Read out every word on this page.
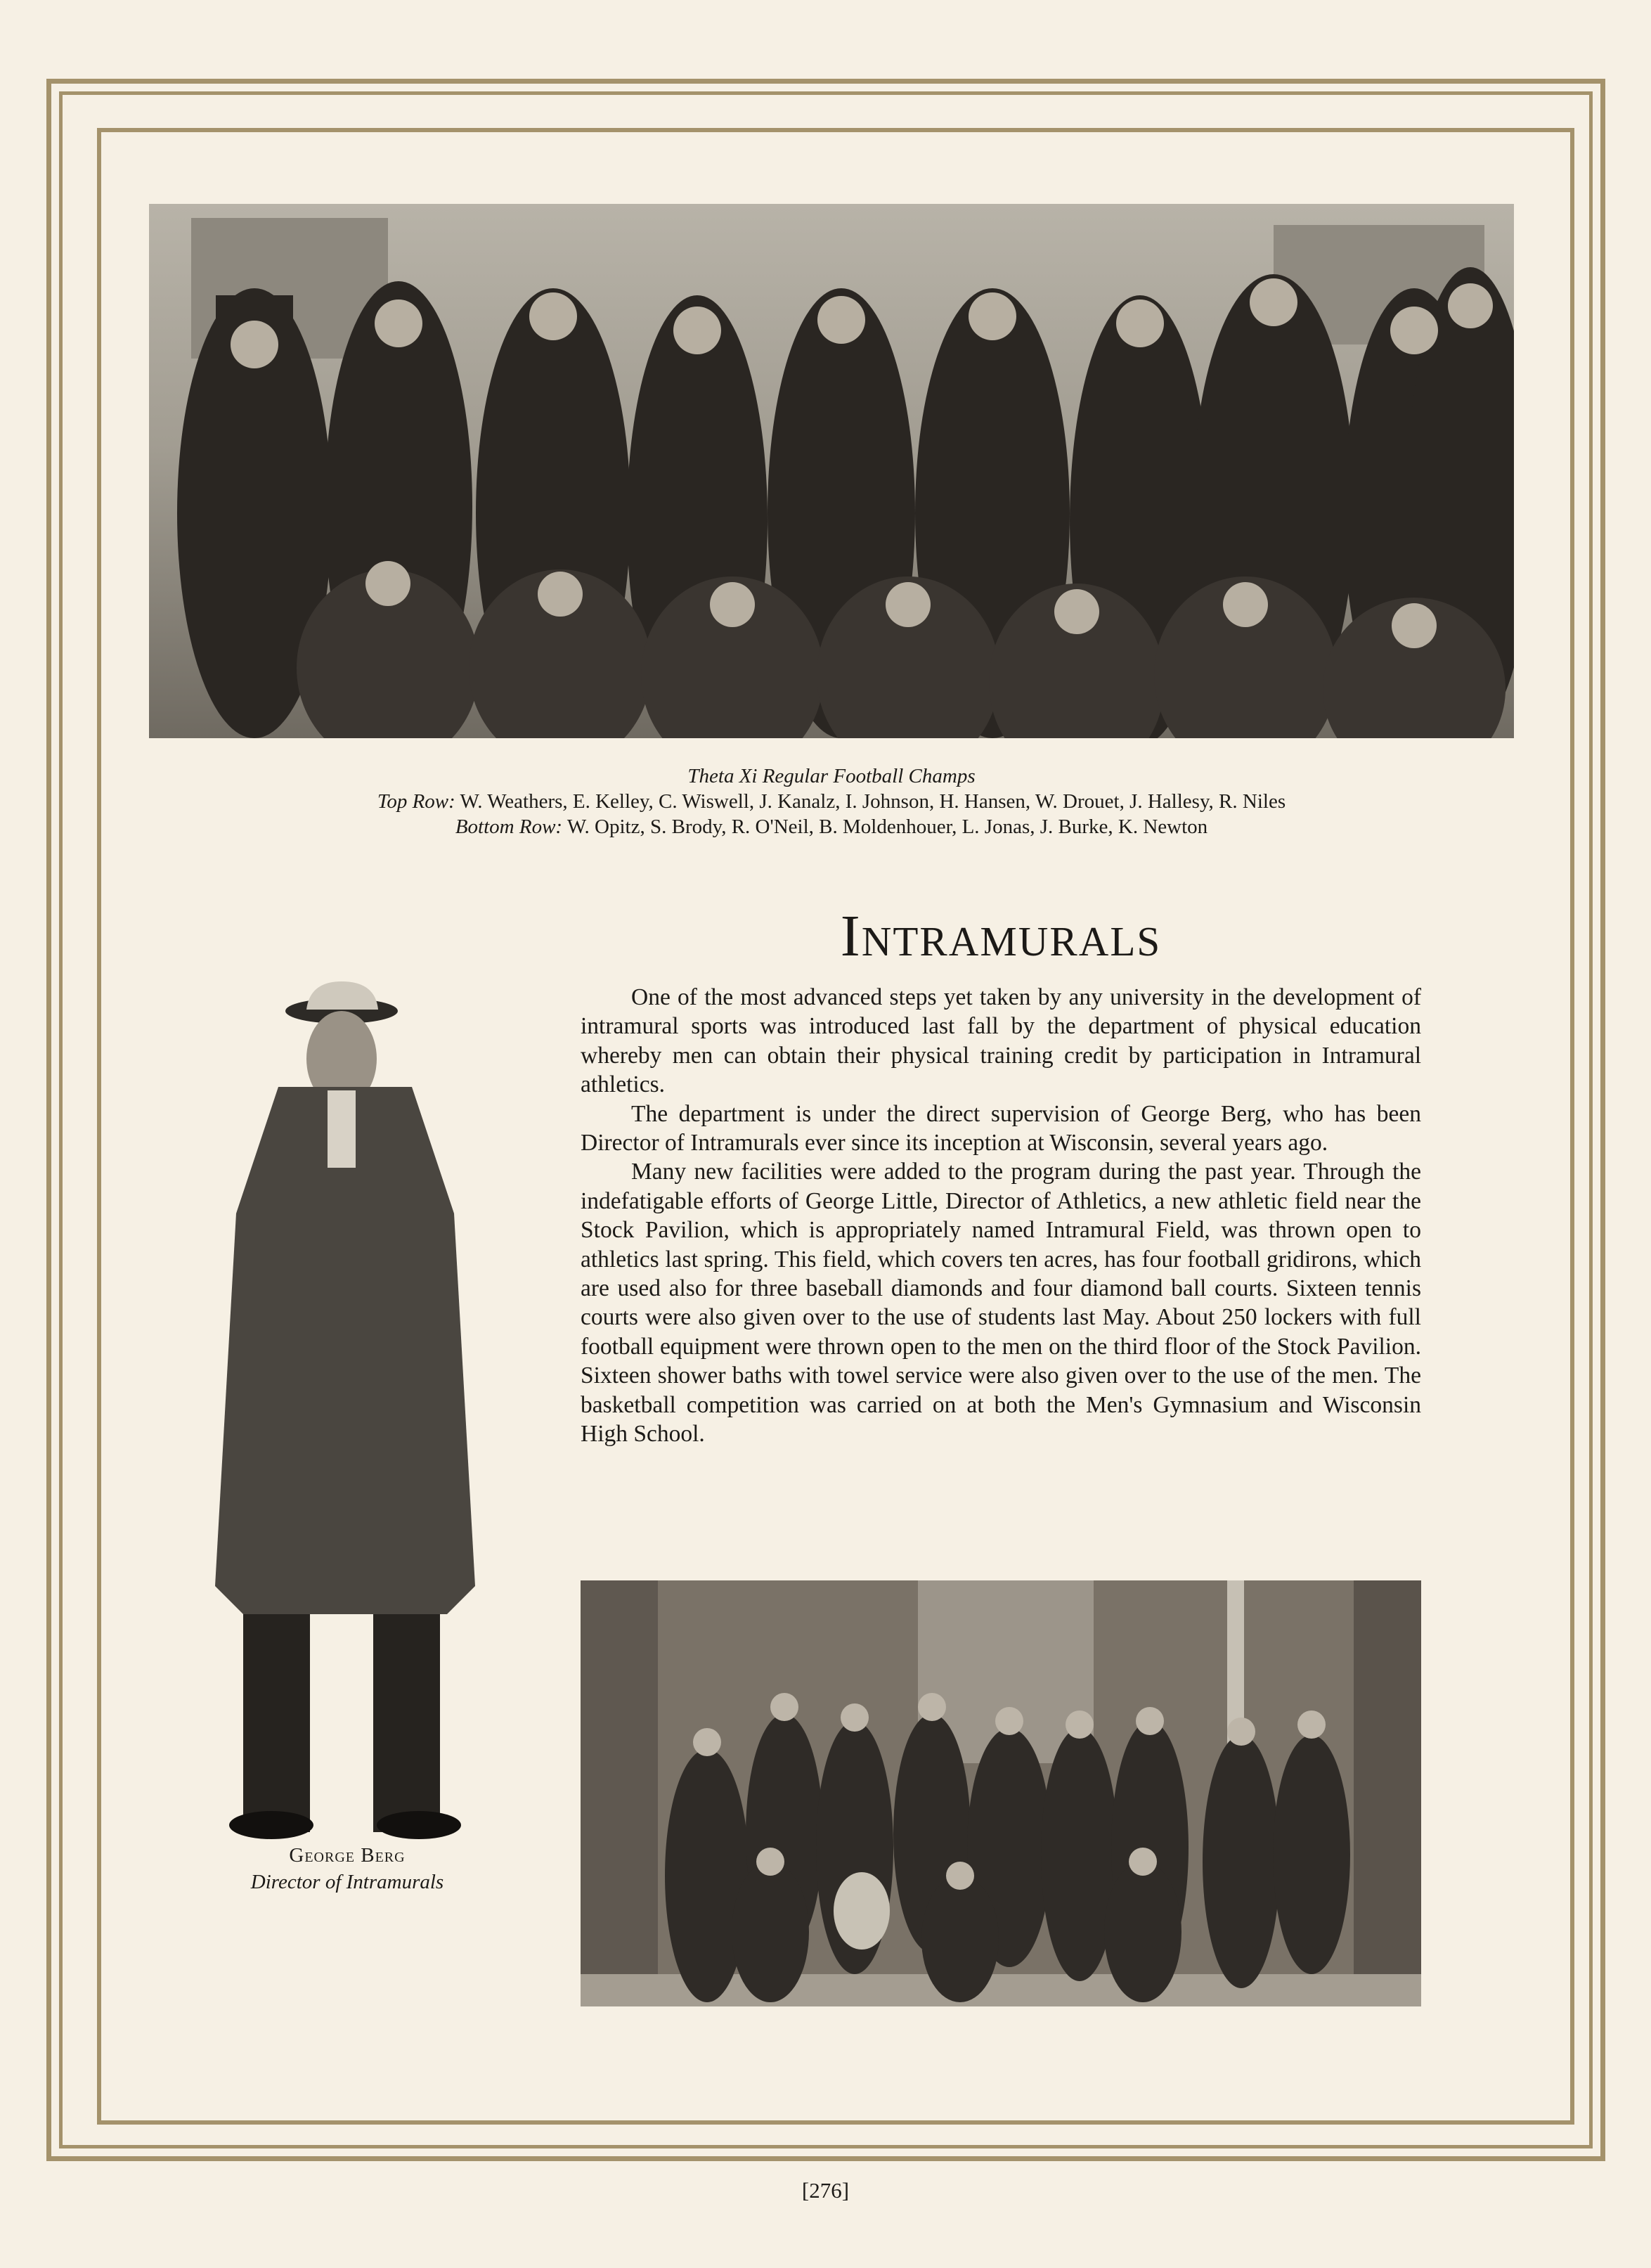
Theta Xi Regular Football Champs
Top Row: W. Weathers, E. Kelley, C. Wiswell, J. Kanalz, I. Johnson, H. Hansen, W. Drouet, J. Hallesy, R. Niles
Bottom Row: W. Opitz, S. Brody, R. O'Neil, B. Moldenhouer, L. Jonas, J. Burke, K. Newton
Intramurals

One of the most advanced steps yet taken by any university in the development of intramural sports was introduced last fall by the department of physical education whereby men can obtain their physical training credit by participation in Intramural athletics.

The department is under the direct supervision of George Berg, who has been Director of Intramurals ever since its inception at Wisconsin, several years ago.

Many new facilities were added to the program during the past year. Through the indefatigable efforts of George Little, Director of Athletics, a new athletic field near the Stock Pavilion, which is appropriately named Intramural Field, was thrown open to athletics last spring. This field, which covers ten acres, has four football gridirons, which are used also for three baseball diamonds and four diamond ball courts. Sixteen tennis courts were also given over to the use of students last May. About 250 lockers with full football equipment were thrown open to the men on the third floor of the Stock Pavilion. Sixteen shower baths with towel service were also given over to the use of the men. The basketball competition was carried on at both the Men's Gymnasium and Wisconsin High School.

George Berg
Director of Intramurals
[276]
